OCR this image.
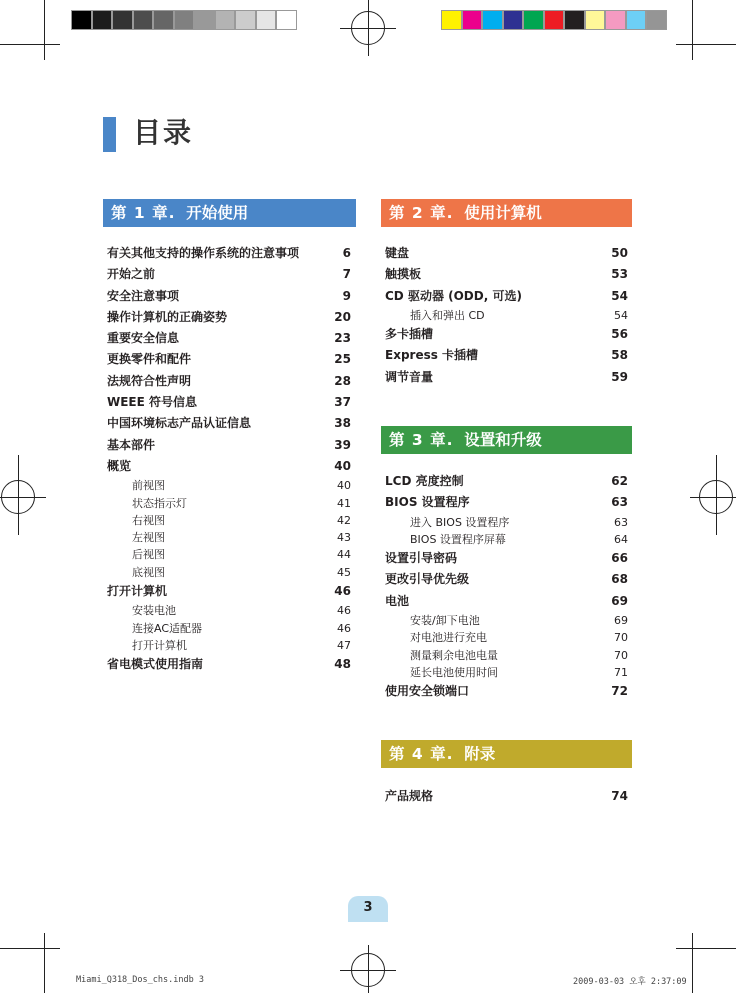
目录
第 1 章. 开始使用	第 2 章. 使用计算机
第 3 章. 设置和升级
第 4 章. 附录
有关其他支持的操作系统的注意事项	6
开始之前	7
安全注意事项	9
操作计算机的正确姿势	20
重要安全信息	23
更换零件和配件	25
法规符合性声明	28
WEEE 符号信息	37
中国环境标志产品认证信息	38
基本部件	39
概览	40
前视图	40
状态指示灯	41
右视图	42
左视图	43
后视图	44
底视图	45
打开计算机	46
安装电池	46
连接AC适配器	46
打开计算机	47
省电模式使用指南	48
键盘	50
触摸板	53
CD 驱动器 (ODD, 可选)	54
插入和弹出 CD	54
多卡插槽	56
Express 卡插槽	58
调节音量	59
LCD 亮度控制	62
BIOS 设置程序	63
进入 BIOS 设置程序	63
BIOS 设置程序屏幕	64
设置引导密码	66
更改引导优先级	68
电池	69
安装/卸下电池	69
对电池进行充电	70
测量剩余电池电量	70
延长电池使用时间	71
使用安全锁端口	72
产品规格	74
3
Miami_Q318_Dos_chs.indb 3	2009-03-03 오후 2:37:09
